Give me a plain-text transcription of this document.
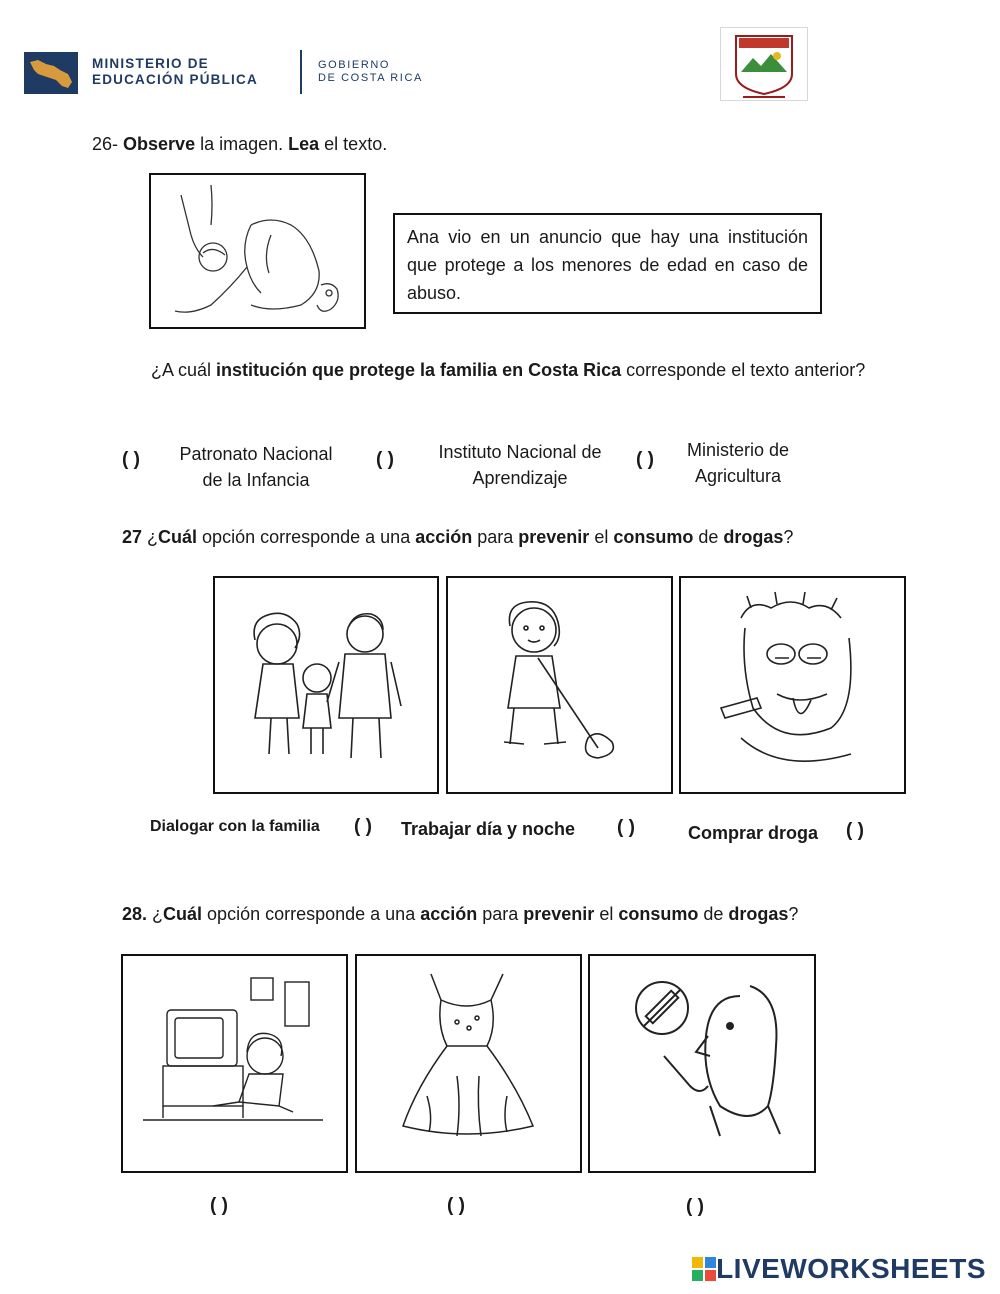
MINISTERIO DE
EDUCACIÓN PÚBLICA
GOBIERNO
DE COSTA RICA
26- Observe la imagen. Lea el texto.
Ana vio en un anuncio que hay una institución que protege a los menores de edad en caso de abuso.
¿A cuál institución que protege la familia en Costa Rica corresponde el texto anterior?
( )	Patronato Nacional
de la Infancia
( )	Instituto Nacional de
Aprendizaje
( )	Ministerio de
Agricultura
27 ¿Cuál opción corresponde a una acción para prevenir el consumo de drogas?
Dialogar con la familia ( ) Trabajar día y noche ( )	Comprar droga ( )
28. ¿Cuál opción corresponde a una acción para prevenir el consumo de drogas?
( )	( )	( )
LIVEWORKSHEETS
